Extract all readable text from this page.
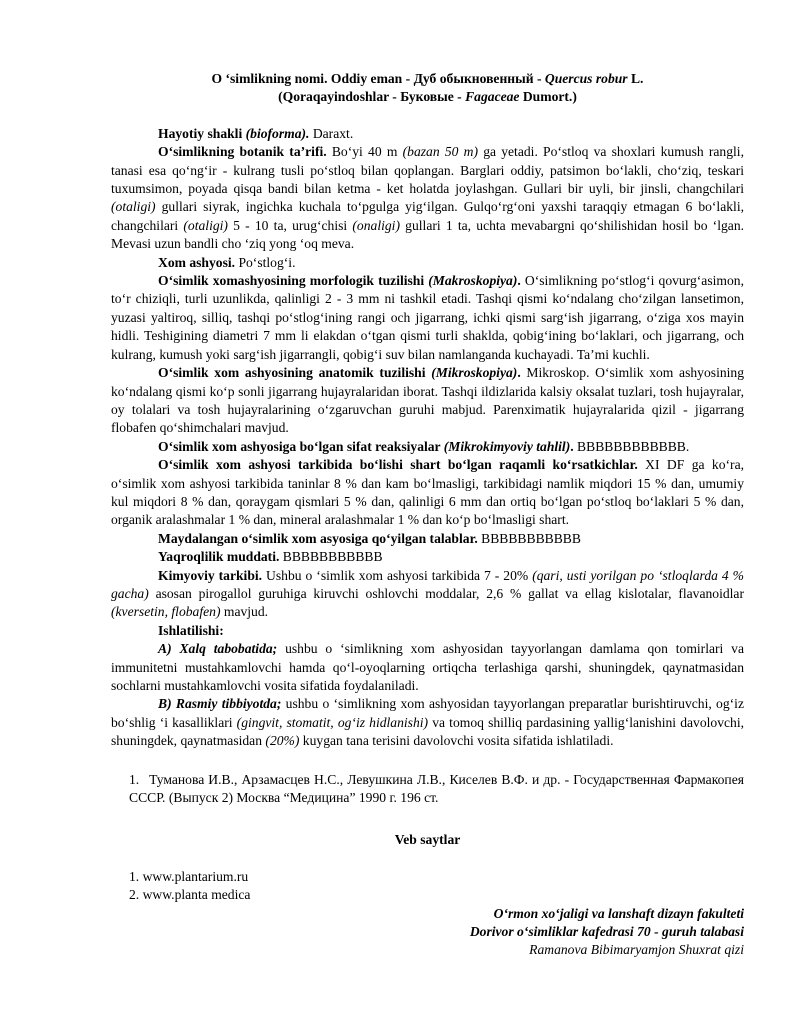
O ‘simlikning nomi. Oddiy eman - Дуб обыкновенный - Quercus robur L.
(Qoraqayindoshlar - Буковые - Fagaceae Dumort.)

Hayotiy shakli (bioforma). Daraxt.

O‘simlikning botanik ta’rifi. Bo‘yi 40 m (bazan 50 m) ga yetadi. Po‘stloq va shoxlari kumush rangli, tanasi esa qo‘ng‘ir - kulrang tusli po‘stloq bilan qoplangan. Barglari oddiy, patsimon bo‘lakli, cho‘ziq, teskari tuxumsimon, poyada qisqa bandi bilan ketma - ket holatda joylashgan. Gullari bir uyli, bir jinsli, changchilari (otaligi) gullari siyrak, ingichka kuchala to‘pgulga yig‘ilgan. Gulqo‘rg‘oni yaxshi taraqqiy etmagan 6 bo‘lakli, changchilari (otaligi) 5 - 10 ta, urug‘chisi (onaligi) gullari 1 ta, uchta mevabargni qo‘shilishidan hosil bo ‘lgan. Mevasi uzun bandli cho ‘ziq yong ‘oq meva.

Xom ashyosi. Po‘stlog‘i.

O‘simlik xomashyosining morfologik tuzilishi (Makroskopiya). O‘simlikning po‘stlog‘i qovurg‘asimon, to‘r chiziqli, turli uzunlikda, qalinligi 2 - 3 mm ni tashkil etadi. Tashqi qismi ko‘ndalang cho‘zilgan lansetimon, yuzasi yaltiroq, silliq, tashqi po‘stlog‘ining rangi och jigarrang, ichki qismi sarg‘ish jigarrang, o‘ziga xos mayin hidli. Teshigining diametri 7 mm li elakdan o‘tgan qismi turli shaklda, qobig‘ining bo‘laklari, och jigarrang, och kulrang, kumush yoki sarg‘ish jigarrangli, qobig‘i suv bilan namlanganda kuchayadi. Ta’mi kuchli.

O‘simlik xom ashyosining anatomik tuzilishi (Mikroskopiya). Mikroskop. O‘simlik xom ashyosining ko‘ndalang qismi ko‘p sonli jigarrang hujayralaridan iborat. Tashqi ildizlarida kalsiy oksalat tuzlari, tosh hujayralar, oy tolalari va tosh hujayralarining o‘zgaruvchan guruhi mabjud. Parenximatik hujayralarida qizil - jigarrang flobafen qo‘shimchalari mavjud.

O‘simlik xom ashyosiga bo‘lgan sifat reaksiyalar (Mikrokimyoviy tahlil). BBBBBBBBBBBB.

O‘simlik xom ashyosi tarkibida bo‘lishi shart bo‘lgan raqamli ko‘rsatkichlar. XI DF ga ko‘ra, o‘simlik xom ashyosi tarkibida taninlar 8 % dan kam bo‘lmasligi, tarkibidagi namlik miqdori 15 % dan, umumiy kul miqdori 8 % dan, qoraygam qismlari 5 % dan, qalinligi 6 mm dan ortiq bo‘lgan po‘stloq bo‘laklari 5 % dan, organik aralashmalar 1 % dan, mineral aralashmalar 1 % dan ko‘p bo‘lmasligi shart.

Maydalangan o‘simlik xom asyosiga qo‘yilgan talablar. BBBBBBBBBBB

Yaqroqlilik muddati. BBBBBBBBBBB

Kimyoviy tarkibi. Ushbu o ‘simlik xom ashyosi tarkibida 7 - 20% (qari, usti yorilgan po ‘stloqlarda 4 % gacha) asosan pirogallol guruhiga kiruvchi oshlovchi moddalar, 2,6 % gallat va ellag kislotalar, flavanoidlar (kversetin, flobafen) mavjud.

Ishlatilishi:

A) Xalq tabobatida; ushbu o ‘simlikning xom ashyosidan tayyorlangan damlama qon tomirlari va immunitetni mustahkamlovchi hamda qo‘l-oyoqlarning ortiqcha terlashiga qarshi, shuningdek, qaynatmasidan sochlarni mustahkamlovchi vosita sifatida foydalaniladi.

B) Rasmiy tibbiyotda; ushbu o ‘simlikning xom ashyosidan tayyorlangan preparatlar burishtiruvchi, og‘iz bo‘shlig ‘i kasalliklari (gingvit, stomatit, og‘iz hidlanishi) va tomoq shilliq pardasining yallig‘lanishini davolovchi, shuningdek, qaynatmasidan (20%) kuygan tana terisini davolovchi vosita sifatida ishlatiladi.

1. Туманова И.В., Арзамасцев Н.С., Левушкина Л.В., Киселев В.Ф. и др. - Государственная Фармакопея СССР. (Выпуск 2) Москва “Медицина” 1990 г. 196 ст.

Veb saytlar
1. www.plantarium.ru
2. www.planta medica
O‘rmon xo‘jaligi va lanshaft dizayn fakulteti
Dorivor o‘simliklar kafedrasi 70 - guruh talabasi
Ramanova Bibimaryamjon Shuxrat qizi
